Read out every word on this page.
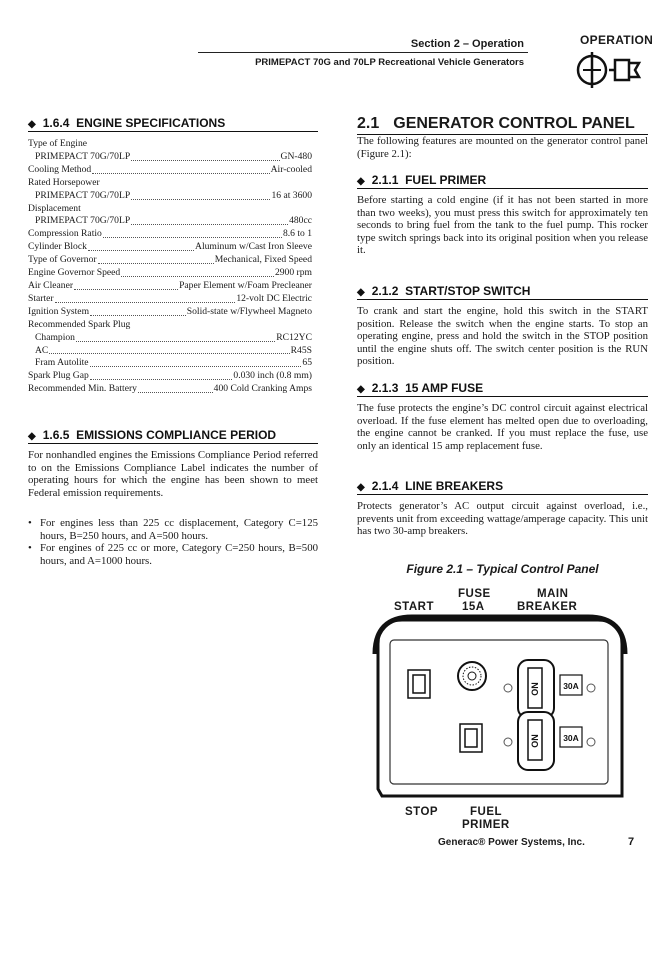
Section 2 – Operation
PRIMEPACT 70G and 70LP Recreational Vehicle Generators
OPERATION
◆ 1.6.4 ENGINE SPECIFICATIONS
Type of Engine
PRIMEPACT 70G/70LP	GN-480
Cooling Method	Air-cooled
Rated Horsepower
PRIMEPACT 70G/70LP	16 at 3600
Displacement
PRIMEPACT 70G/70LP	480cc
Compression Ratio	8.6 to 1
Cylinder Block	Aluminum w/Cast Iron Sleeve
Type of Governor	Mechanical, Fixed Speed
Engine Governor Speed	2900 rpm
Air Cleaner	Paper Element w/Foam Precleaner
Starter	12-volt DC Electric
Ignition System	Solid-state w/Flywheel Magneto
Recommended Spark Plug
Champion	RC12YC
AC	R45S
Fram Autolite	65
Spark Plug Gap	0.030 inch (0.8 mm)
Recommended Min. Battery	400 Cold Cranking Amps
◆ 1.6.5 EMISSIONS COMPLIANCE PERIOD
For nonhandled engines the Emissions Compliance Period referred to on the Emissions Compliance Label indicates the number of operating hours for which the engine has been shown to meet Federal emission requirements.
• For engines less than 225 cc displacement, Category C=125 hours, B=250 hours, and A=500 hours.
• For engines of 225 cc or more, Category C=250 hours, B=500 hours, and A=1000 hours.
2.1 GENERATOR CONTROL PANEL
The following features are mounted on the generator control panel (Figure 2.1):
◆ 2.1.1 FUEL PRIMER
Before starting a cold engine (if it has not been started in more than two weeks), you must press this switch for approximately ten seconds to bring fuel from the tank to the fuel pump. This rocker type switch springs back into its original position when you release it.
◆ 2.1.2 START/STOP SWITCH
To crank and start the engine, hold this switch in the START position. Release the switch when the engine starts. To stop an operating engine, press and hold the switch in the STOP position until the engine shuts off. The switch center position is the RUN position.
◆ 2.1.3 15 AMP FUSE
The fuse protects the engine’s DC control circuit against electrical overload. If the fuse element has melted open due to overloading, the engine cannot be cranked. If you must replace the fuse, use only an identical 15 amp replacement fuse.
◆ 2.1.4 LINE BREAKERS
Protects generator’s AC output circuit against overload, i.e., prevents unit from exceeding wattage/amperage capacity. This unit has two 30-amp breakers.
Figure 2.1 – Typical Control Panel
FUSE	MAIN
START 15A	BREAKER
ON	30A
ON	30A
STOP	FUEL
PRIMER
Generac® Power Systems, Inc.	7
